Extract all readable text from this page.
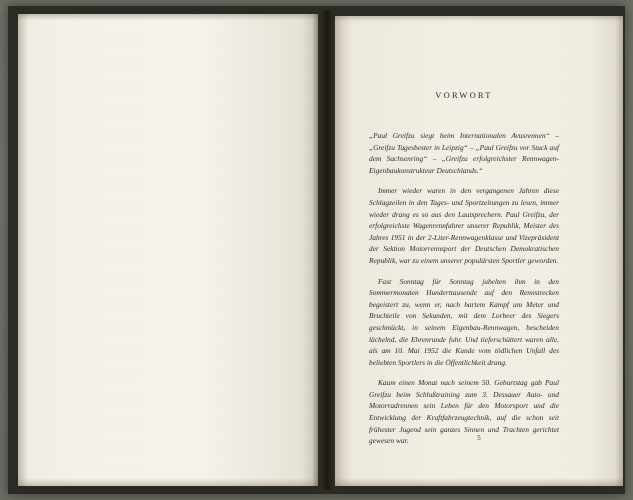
VORWORT

„Paul Greifzu siegt beim Internationalen Avusrennen“ – „Greifzu Tagesbester in Leipzig“ – „Paul Greifzu vor Stuck auf dem Sachsenring“ – „Greifzu erfolgreichster Rennwagen-Eigenbaukonstrukteur Deutschlands.“

Immer wieder waren in den vergangenen Jahren diese Schlagzeilen in den Tages- und Sportzeitungen zu lesen, immer wieder drang es so aus den Lautsprechern. Paul Greifzu, der erfolgreichste Wagenrennfahrer unserer Republik, Meister des Jahres 1951 in der 2-Liter-Rennwagenklasse und Vizepräsident der Sektion Motorrennsport der Deutschen Demokratischen Republik, war zu einem unserer populärsten Sportler geworden.

Fast Sonntag für Sonntag jubelten ihm in den Sommermonaten Hunderttausende auf den Rennstrecken begeistert zu, wenn er, nach hartem Kampf um Meter und Bruchteile von Sekunden, mit dem Lorbeer des Siegers geschmückt, in seinem Eigenbau-Rennwagen, bescheiden lächelnd, die Ehrenrunde fuhr. Und tieferschüttert waren alle, als am 10. Mai 1952 die Kunde vom tödlichen Unfall des beliebten Sportlers in die Öffentlichkeit drang.

Kaum einen Monat nach seinem 50. Geburtstag gab Paul Greifzu beim Schlußtraining zum 3. Dessauer Auto- und Motorradrennen sein Leben für den Motorsport und die Entwicklung der Kraftfahrzeugtechnik, auf die schon seit frühester Jugend sein ganzes Sinnen und Trachten gerichtet gewesen war.	5
